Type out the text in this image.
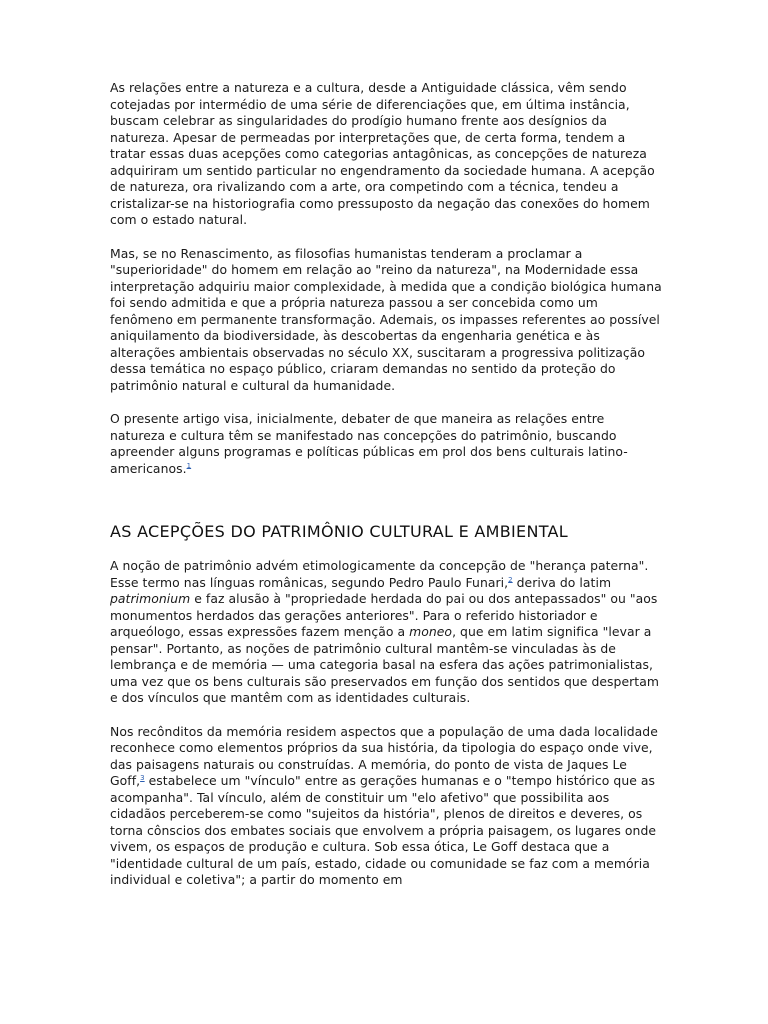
As relações entre a natureza e a cultura, desde a Antiguidade clássica, vêm sendo cotejadas por intermédio de uma série de diferenciações que, em última instância, buscam celebrar as singularidades do prodígio humano frente aos desígnios da natureza. Apesar de permeadas por interpretações que, de certa forma, tendem a tratar essas duas acepções como categorias antagônicas, as concepções de natureza adquiriram um sentido particular no engendramento da sociedade humana. A acepção de natureza, ora rivalizando com a arte, ora competindo com a técnica, tendeu a cristalizar-se na historiografia como pressuposto da negação das conexões do homem com o estado natural.

Mas, se no Renascimento, as filosofias humanistas tenderam a proclamar a "superioridade" do homem em relação ao "reino da natureza", na Modernidade essa interpretação adquiriu maior complexidade, à medida que a condição biológica humana foi sendo admitida e que a própria natureza passou a ser concebida como um fenômeno em permanente transformação. Ademais, os impasses referentes ao possível aniquilamento da biodiversidade, às descobertas da engenharia genética e às alterações ambientais observadas no século XX, suscitaram a progressiva politização dessa temática no espaço público, criaram demandas no sentido da proteção do patrimônio natural e cultural da humanidade.

O presente artigo visa, inicialmente, debater de que maneira as relações entre natureza e cultura têm se manifestado nas concepções do patrimônio, buscando apreender alguns programas e políticas públicas em prol dos bens culturais latino-americanos.$^1$

AS ACEPÇÕES DO PATRIMÔNIO CULTURAL E AMBIENTAL

A noção de patrimônio advém etimologicamente da concepção de "herança paterna". Esse termo nas línguas românicas, segundo Pedro Paulo Funari,$^2$ deriva do latim patrimonium e faz alusão à "propriedade herdada do pai ou dos antepassados" ou "aos monumentos herdados das gerações anteriores". Para o referido historiador e arqueólogo, essas expressões fazem menção a moneo, que em latim significa "levar a pensar". Portanto, as noções de patrimônio cultural mantêm-se vinculadas às de lembrança e de memória — uma categoria basal na esfera das ações patrimonialistas, uma vez que os bens culturais são preservados em função dos sentidos que despertam e dos vínculos que mantêm com as identidades culturais.

Nos recônditos da memória residem aspectos que a população de uma dada localidade reconhece como elementos próprios da sua história, da tipologia do espaço onde vive, das paisagens naturais ou construídas. A memória, do ponto de vista de Jaques Le Goff,$^3$ estabelece um "vínculo" entre as gerações humanas e o "tempo histórico que as acompanha". Tal vínculo, além de constituir um "elo afetivo" que possibilita aos cidadãos perceberem-se como "sujeitos da história", plenos de direitos e deveres, os torna cônscios dos embates sociais que envolvem a própria paisagem, os lugares onde vivem, os espaços de produção e cultura. Sob essa ótica, Le Goff destaca que a "identidade cultural de um país, estado, cidade ou comunidade se faz com a memória individual e coletiva"; a partir do momento em
